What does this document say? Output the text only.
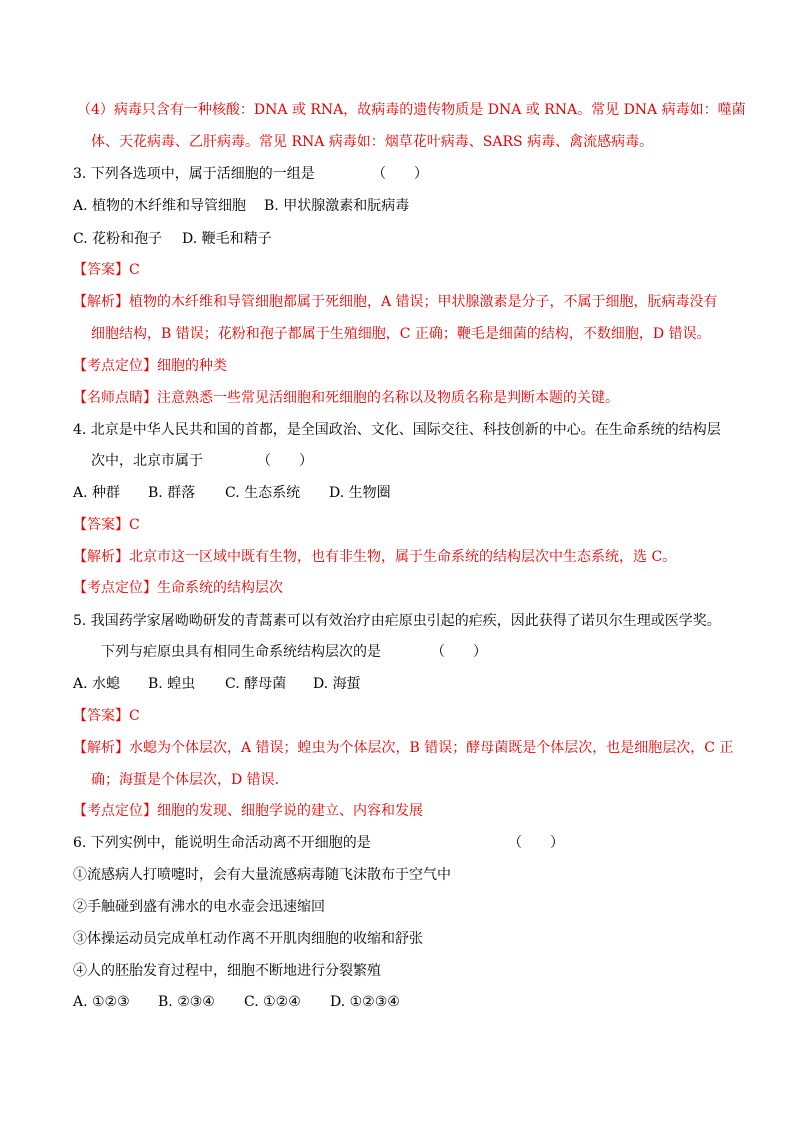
（4）病毒只含有一种核酸：DNA 或 RNA，故病毒的遗传物质是 DNA 或 RNA。常见 DNA 病毒如：噬菌
体、天花病毒、乙肝病毒。常见 RNA 病毒如：烟草花叶病毒、SARS 病毒、禽流感病毒。
3. 下列各选项中，属于活细胞的一组是	（　　）
A. 植物的木纤维和导管细胞 B. 甲状腺激素和朊病毒
C. 花粉和孢子 D. 鞭毛和精子
【答案】C
【解析】植物的木纤维和导管细胞都属于死细胞，A 错误；甲状腺激素是分子，不属于细胞，朊病毒没有
细胞结构，B 错误；花粉和孢子都属于生殖细胞，C 正确；鞭毛是细菌的结构，不数细胞，D 错误。
【考点定位】细胞的种类
【名师点睛】注意熟悉一些常见活细胞和死细胞的名称以及物质名称是判断本题的关键。
4. 北京是中华人民共和国的首都，是全国政治、文化、国际交往、科技创新的中心。在生命系统的结构层
次中，北京市属于	（　　）
A. 种群 B. 群落 C. 生态系统 D. 生物圈
【答案】C
【解析】北京市这一区域中既有生物，也有非生物，属于生命系统的结构层次中生态系统，选 C。
【考点定位】生命系统的结构层次
5. 我国药学家屠呦呦研发的青蒿素可以有效治疗由疟原虫引起的疟疾，因此获得了诺贝尔生理或医学奖。
下列与疟原虫具有相同生命系统结构层次的是	（　　）
A. 水螅 B. 蝗虫 C. 酵母菌 D. 海蜇
【答案】C
【解析】水螅为个体层次，A 错误；蝗虫为个体层次，B 错误；酵母菌既是个体层次，也是细胞层次，C 正
确；海蜇是个体层次，D 错误．
【考点定位】细胞的发现、细胞学说的建立、内容和发展
6. 下列实例中，能说明生命活动离不开细胞的是	（　　）
①流感病人打喷嚏时，会有大量流感病毒随飞沫散布于空气中
②手触碰到盛有沸水的电水壶会迅速缩回
③体操运动员完成单杠动作离不开肌肉细胞的收缩和舒张
④人的胚胎发育过程中，细胞不断地进行分裂繁殖
A. ①②③ B. ②③④ C. ①②④ D. ①②③④
